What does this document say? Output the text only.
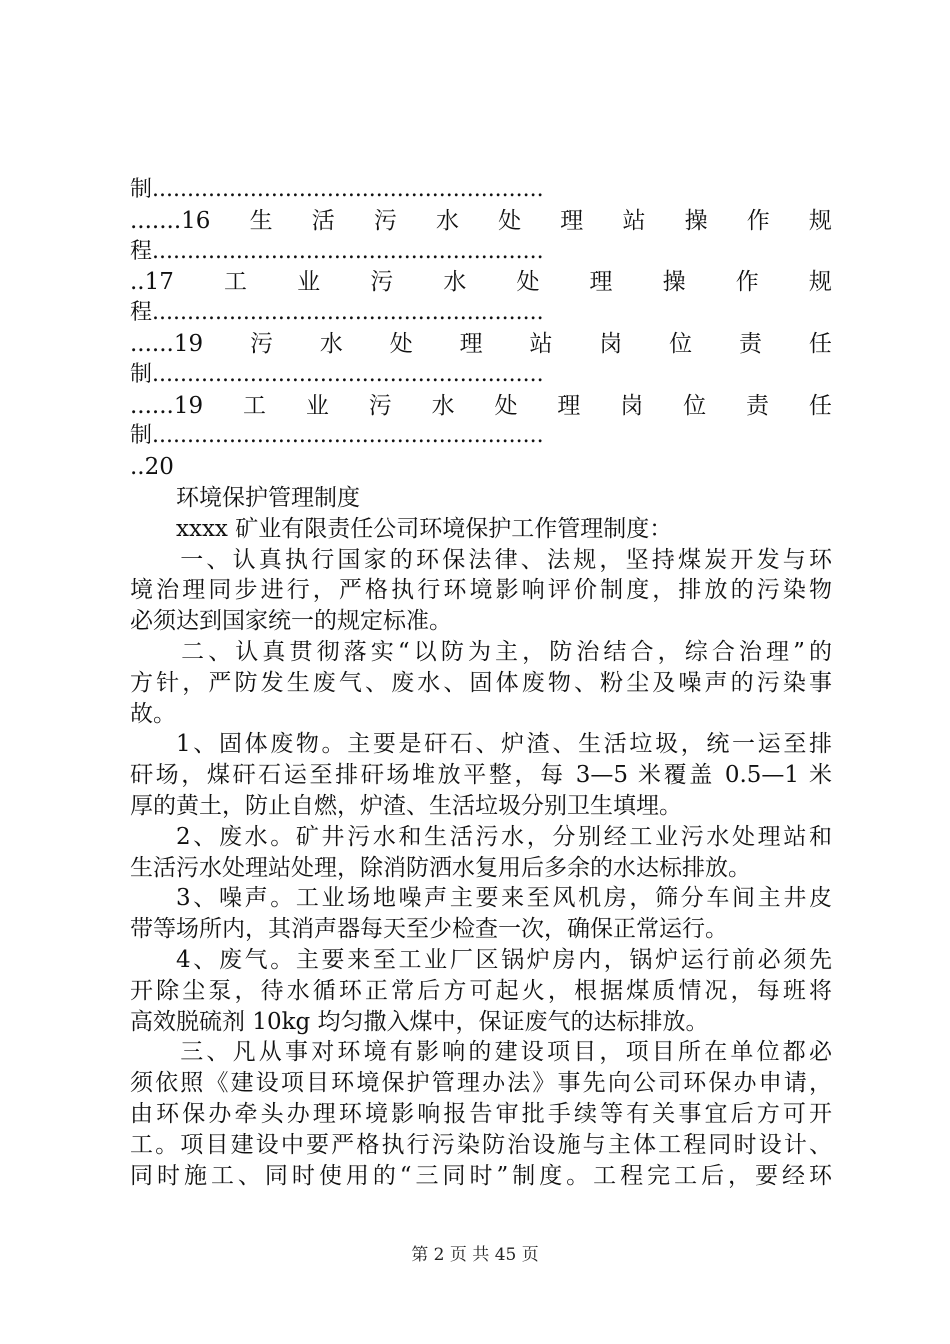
制........................................................
.......16 生 活 污 水 处 理 站 操 作 规
程........................................................
..17 工 业 污 水 处 理 操 作 规
程........................................................
......19 污 水 处 理 站 岗 位 责 任
制........................................................
......19 工 业 污 水 处 理 岗 位 责 任
制........................................................
..20
环境保护管理制度
xxxx 矿业有限责任公司环境保护工作管理制度：
　一、认真执行国家的环保法律、法规，坚持煤炭开发与环
境治理同步进行，严格执行环境影响评价制度，排放的污染物
必须达到国家统一的规定标准。
　二、认真贯彻落实“以防为主，防治结合，综合治理”的
方针，严防发生废气、废水、固体废物、粉尘及噪声的污染事
故。
1、固体废物。主要是矸石、炉渣、生活垃圾，统一运至排
矸场，煤矸石运至排矸场堆放平整，每 3—5 米覆盖 0.5—1 米
厚的黄土，防止自燃，炉渣、生活垃圾分别卫生填埋。
2、废水。矿井污水和生活污水，分别经工业污水处理站和
生活污水处理站处理，除消防洒水复用后多余的水达标排放。
3、噪声。工业场地噪声主要来至风机房，筛分车间主井皮
带等场所内，其消声器每天至少检查一次，确保正常运行。
4、废气。主要来至工业厂区锅炉房内，锅炉运行前必须先
开除尘泵，待水循环正常后方可起火，根据煤质情况，每班将
高效脱硫剂 10kg 均匀撒入煤中，保证废气的达标排放。
　三、凡从事对环境有影响的建设项目，项目所在单位都必
须依照《建设项目环境保护管理办法》事先向公司环保办申请，
由环保办牵头办理环境影响报告审批手续等有关事宜后方可开
工。项目建设中要严格执行污染防治设施与主体工程同时设计、
同时施工、同时使用的“三同时”制度。工程完工后，要经环
第 2 页 共 45 页
